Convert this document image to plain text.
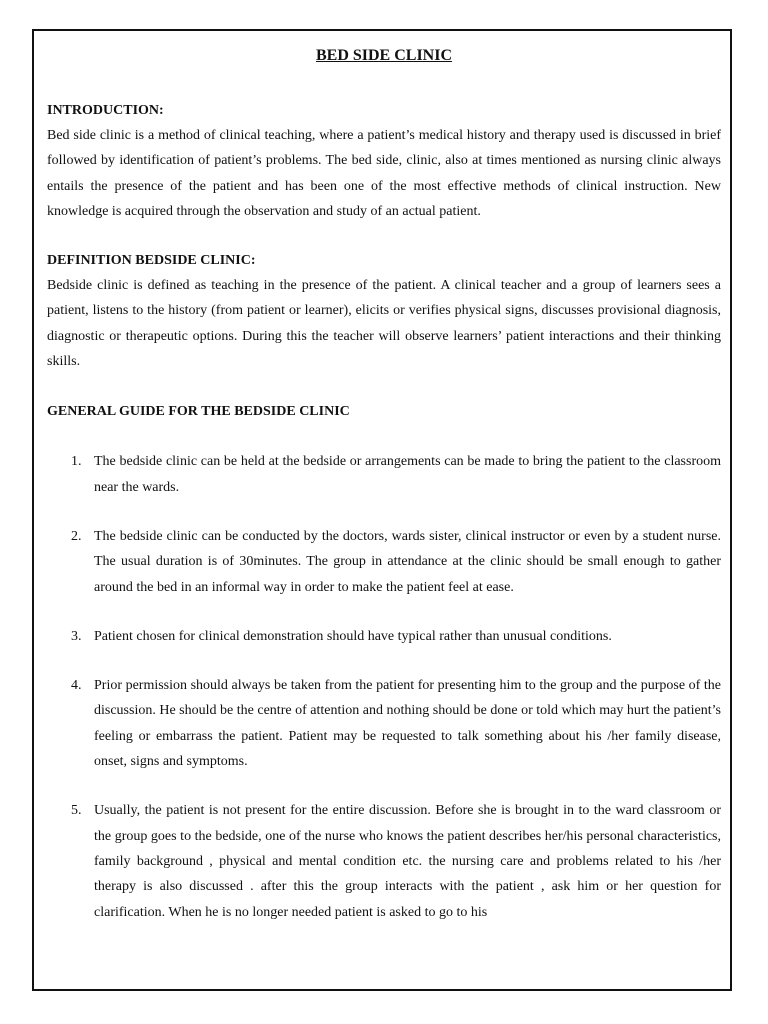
BED SIDE CLINIC
INTRODUCTION:

Bed side clinic is a method of clinical teaching, where a patient’s medical history and therapy used is discussed in brief followed by identification of patient’s problems. The bed side, clinic, also at times mentioned as nursing clinic always entails the presence of the patient and has been one of the most effective methods of clinical instruction. New knowledge is acquired through the observation and study of an actual patient.

DEFINITION BEDSIDE CLINIC:

Bedside clinic is defined as teaching in the presence of the patient. A clinical teacher and a group of learners sees a patient, listens to the history (from patient or learner), elicits or verifies physical signs, discusses provisional diagnosis, diagnostic or therapeutic options. During this the teacher will observe learners’ patient interactions and their thinking skills.

GENERAL GUIDE FOR THE BEDSIDE CLINIC
1. The bedside clinic can be held at the bedside or arrangements can be made to bring the patient to the classroom near the wards.
2. The bedside clinic can be conducted by the doctors, wards sister, clinical instructor or even by a student nurse. The usual duration is of 30minutes. The group in attendance at the clinic should be small enough to gather around the bed in an informal way in order to make the patient feel at ease.
3. Patient chosen for clinical demonstration should have typical rather than unusual conditions.
4. Prior permission should always be taken from the patient for presenting him to the group and the purpose of the discussion. He should be the centre of attention and nothing should be done or told which may hurt the patient’s feeling or embarrass the patient. Patient may be requested to talk something about his /her family disease, onset, signs and symptoms.
5. Usually, the patient is not present for the entire discussion. Before she is brought in to the ward classroom or the group goes to the bedside, one of the nurse who knows the patient describes her/his personal characteristics, family background , physical and mental condition etc. the nursing care and problems related to his /her therapy is also discussed . after this the group interacts with the patient , ask him or her question for clarification. When he is no longer needed patient is asked to go to his
